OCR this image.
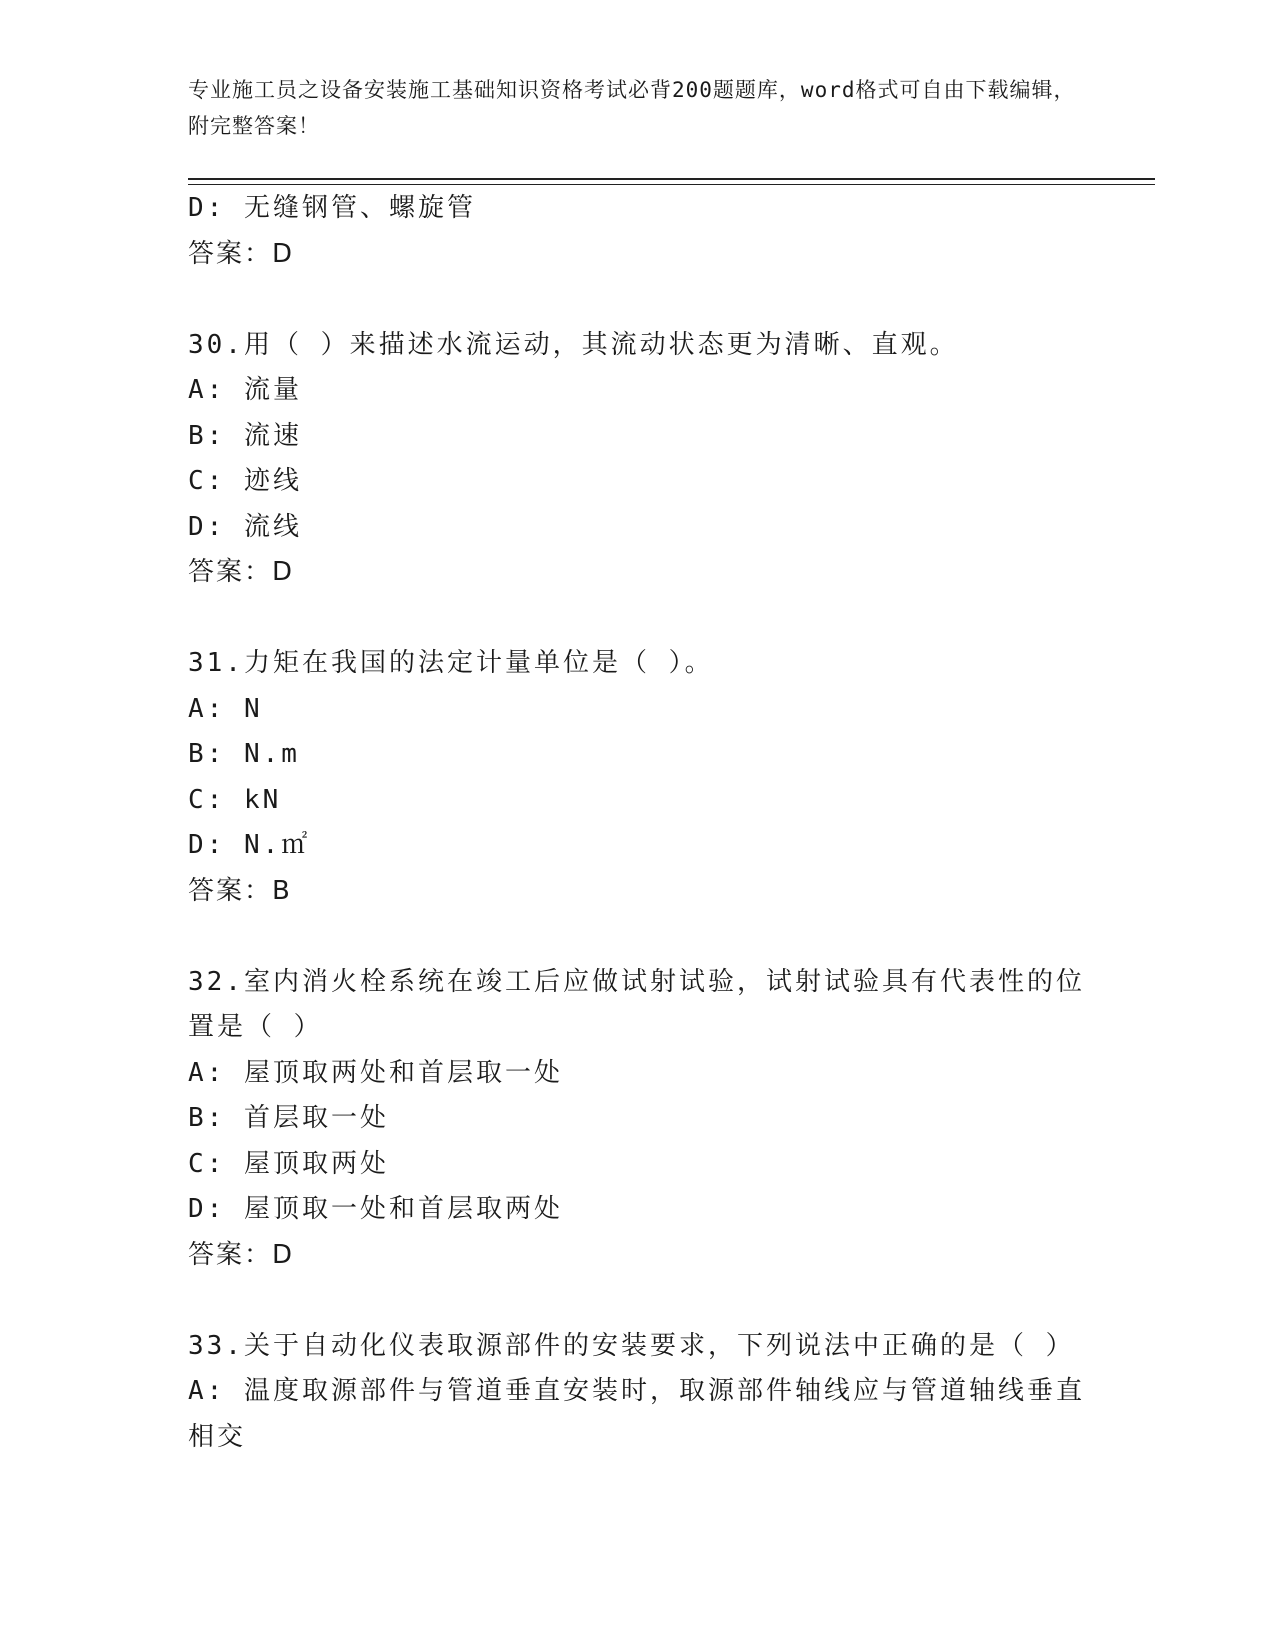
专业施工员之设备安装施工基础知识资格考试必背200题题库，word格式可自由下载编辑，附完整答案！
D: 无缝钢管、螺旋管
答案：D
30.用（ ）来描述水流运动，其流动状态更为清晰、直观。
A: 流量
B: 流速
C: 迹线
D: 流线
答案：D
31.力矩在我国的法定计量单位是（ ）。
A: N
B: N.m
C: kN
D: N.㎡
答案：B
32.室内消火栓系统在竣工后应做试射试验，试射试验具有代表性的位置是（ ）
A: 屋顶取两处和首层取一处
B: 首层取一处
C: 屋顶取两处
D: 屋顶取一处和首层取两处
答案：D
33.关于自动化仪表取源部件的安装要求，下列说法中正确的是（ ）
A: 温度取源部件与管道垂直安装时，取源部件轴线应与管道轴线垂直相交
